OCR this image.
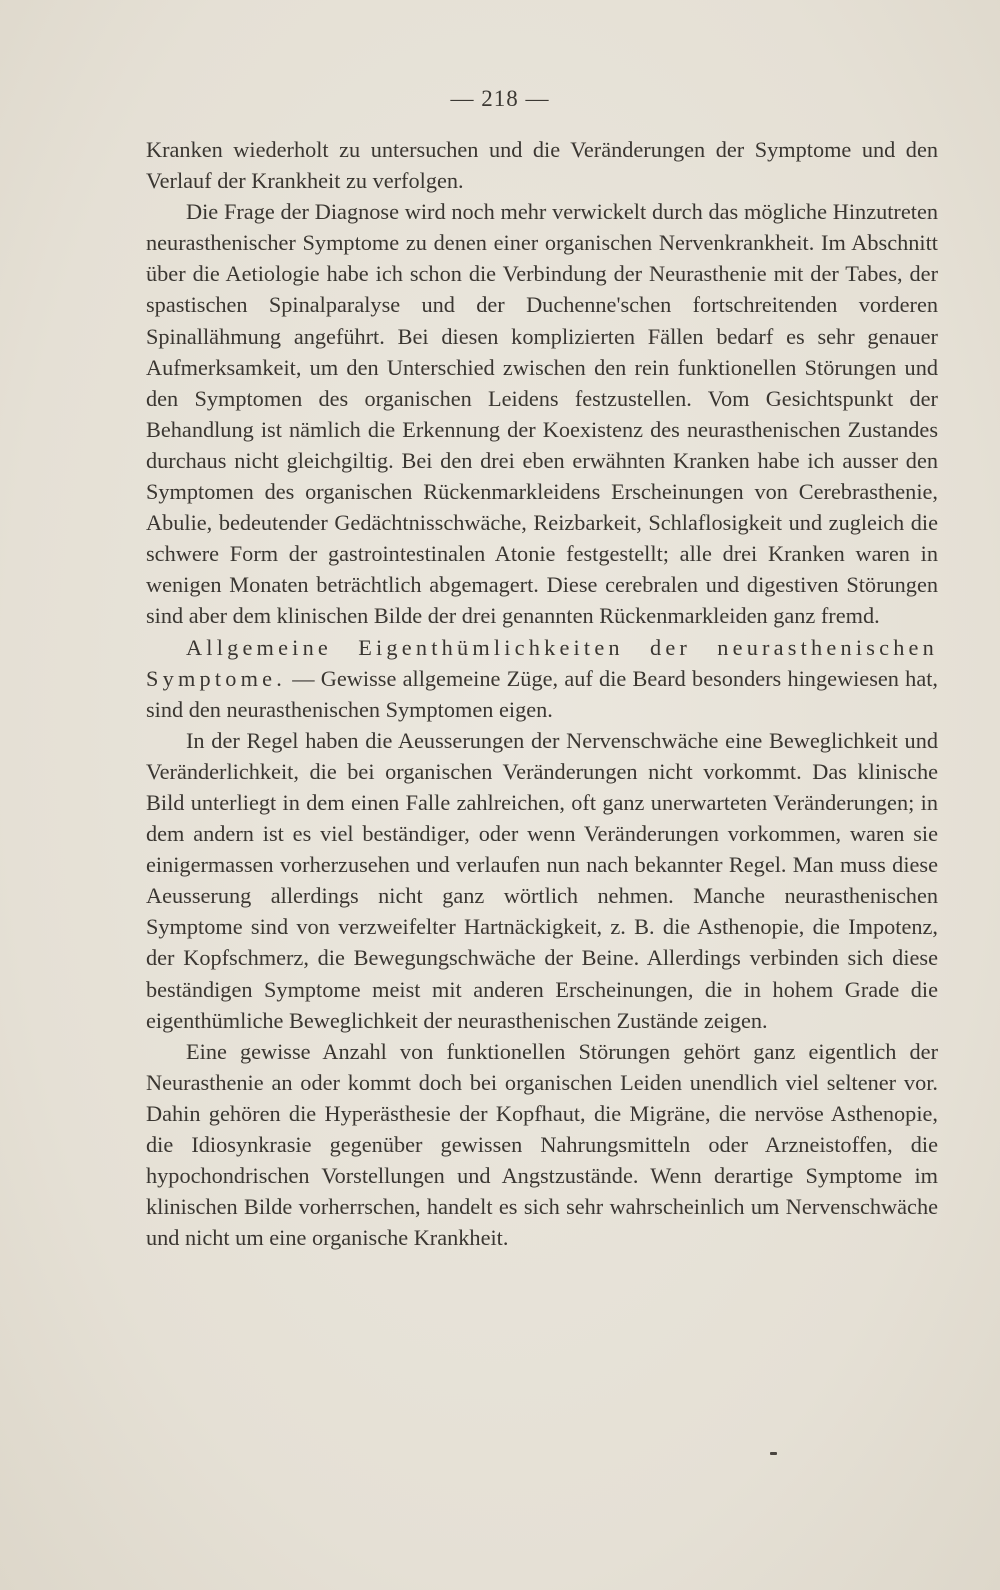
— 218 —

Kranken wiederholt zu untersuchen und die Veränderungen der Symptome und den Verlauf der Krankheit zu verfolgen.

Die Frage der Diagnose wird noch mehr verwickelt durch das mögliche Hinzutreten neurasthenischer Symptome zu denen einer organischen Nervenkrankheit. Im Abschnitt über die Aetiologie habe ich schon die Verbindung der Neurasthenie mit der Tabes, der spastischen Spinalparalyse und der Duchenne'schen fortschreitenden vorderen Spinallähmung angeführt. Bei diesen komplizierten Fällen bedarf es sehr genauer Aufmerksamkeit, um den Unterschied zwischen den rein funktionellen Störungen und den Symptomen des organischen Leidens festzustellen. Vom Gesichtspunkt der Behandlung ist nämlich die Erkennung der Koexistenz des neurasthenischen Zustandes durchaus nicht gleichgiltig. Bei den drei eben erwähnten Kranken habe ich ausser den Symptomen des organischen Rückenmarkleidens Erscheinungen von Cerebrasthenie, Abulie, bedeutender Gedächtnisschwäche, Reizbarkeit, Schlaflosigkeit und zugleich die schwere Form der gastrointestinalen Atonie festgestellt; alle drei Kranken waren in wenigen Monaten beträchtlich abgemagert. Diese cerebralen und digestiven Störungen sind aber dem klinischen Bilde der drei genannten Rückenmarkleiden ganz fremd.

Allgemeine Eigenthümlichkeiten der neurasthenischen Symptome. — Gewisse allgemeine Züge, auf die Beard besonders hingewiesen hat, sind den neurasthenischen Symptomen eigen.

In der Regel haben die Aeusserungen der Nervenschwäche eine Beweglichkeit und Veränderlichkeit, die bei organischen Veränderungen nicht vorkommt. Das klinische Bild unterliegt in dem einen Falle zahlreichen, oft ganz unerwarteten Veränderungen; in dem andern ist es viel beständiger, oder wenn Veränderungen vorkommen, waren sie einigermassen vorherzusehen und verlaufen nun nach bekannter Regel. Man muss diese Aeusserung allerdings nicht ganz wörtlich nehmen. Manche neurasthenischen Symptome sind von verzweifelter Hartnäckigkeit, z. B. die Asthenopie, die Impotenz, der Kopfschmerz, die Bewegungschwäche der Beine. Allerdings verbinden sich diese beständigen Symptome meist mit anderen Erscheinungen, die in hohem Grade die eigenthümliche Beweglichkeit der neurasthenischen Zustände zeigen.

Eine gewisse Anzahl von funktionellen Störungen gehört ganz eigentlich der Neurasthenie an oder kommt doch bei organischen Leiden unendlich viel seltener vor. Dahin gehören die Hyperästhesie der Kopfhaut, die Migräne, die nervöse Asthenopie, die Idiosynkrasie gegenüber gewissen Nahrungsmitteln oder Arzneistoffen, die hypochondrischen Vorstellungen und Angstzustände. Wenn derartige Symptome im klinischen Bilde vorherrschen, handelt es sich sehr wahrscheinlich um Nervenschwäche und nicht um eine organische Krankheit.
